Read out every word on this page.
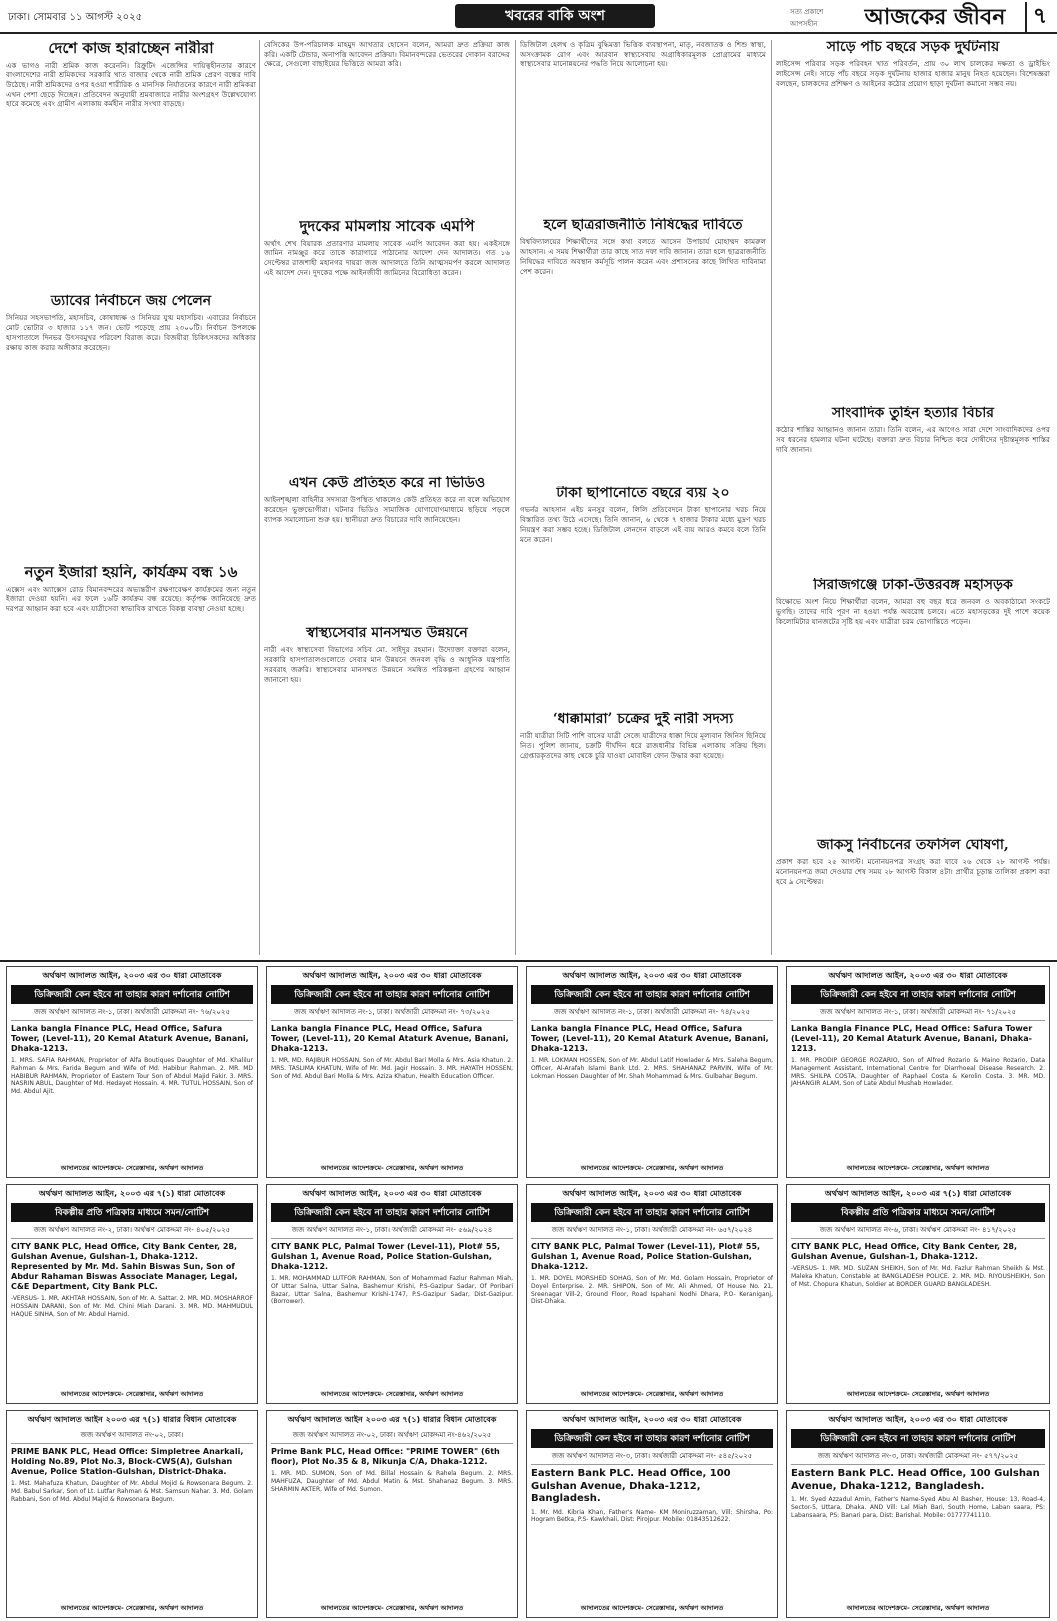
ঢাকা। সোমবার ১১ আগস্ট ২০২৫	খবরের বাকি অংশ	সত্য প্রকাশে আপসহীন	আজকের জীবন	৭
দেশে কাজ হারাচ্ছেন নারীরা

এক ভাগও নারী শ্রমিক কাজ করেননি। রিক্রুটিং এজেন্সির দায়িত্বহীনতার কারণে বাংলাদেশের নারী শ্রমিকদের সরকারি খাত বাজার থেকে নারী শ্রমিক প্রেরণ বন্ধের দাবি উঠেছে। নারী শ্রমিকদের ওপর হওয়া শারীরিক ও মানসিক নির্যাতনের কারণে নারী শ্রমিকরা এখন পেশা ছেড়ে দিচ্ছেন। প্রতিবেদন অনুযায়ী শ্রমবাজারে নারীর অংশগ্রহণ উল্লেখযোগ্য হারে কমেছে এবং গ্রামীণ এলাকায় কর্মহীন নারীর সংখ্যা বাড়ছে।

ড্যাবের নির্বাচনে জয় পেলেন

সিনিয়র সহসভাপতি, মহাসচিব, কোষাধ্যক্ষ ও সিনিয়র যুগ্ম মহাসচিব। এবারের নির্বাচনে মোট ভোটার ৩ হাজার ১১৭ জন। ভোট পড়েছে প্রায় ২৩০০টি। নির্বাচন উপলক্ষে হাসপাতালে দিনভর উৎসবমুখর পরিবেশ বিরাজ করে। বিজয়ীরা চিকিৎসকদের অধিকার রক্ষায় কাজ করার অঙ্গীকার করেছেন।

নতুন ইজারা হয়নি, কার্যক্রম বন্ধ ১৬

এক্সেস এবং অ্যাক্সেস রোড বিমানবন্দরের অভ্যন্তরীণ রক্ষণাবেক্ষণ কার্যক্রমের জন্য নতুন ইজারা দেওয়া হয়নি। এর ফলে ১৬টি কার্যক্রম বন্ধ রয়েছে। কর্তৃপক্ষ জানিয়েছে দ্রুত দরপত্র আহ্বান করা হবে এবং যাত্রীসেবা স্বাভাবিক রাখতে বিকল্প ব্যবস্থা নেওয়া হচ্ছে।

বেসিকের উপ-পরিচালক মাহমুদ আখতার হোসেন বলেন, আমরা দ্রুত প্রক্রিয়া কাজ করি। একটি টেন্ডার, অনাপত্তি আবেদন প্রক্রিয়া। বিমানবন্দরের ভেতরের দোকান বরাদ্দের ক্ষেত্রে, সেগুলো বাছাইয়ের ভিত্তিতে আমরা করি।

দুদকের মামলায় সাবেক এমপি

অর্থাৎ শেখ বিয়ারক প্রতারণার মামলায় সাবেক এমপি আবেদন করা হয়। একইসঙ্গে জামিন নামঞ্জুর করে তাকে কারাগারে পাঠানোর আদেশ দেন আদালত। গত ১৬ সেপ্টেম্বর রাজশাহী মহানগর দায়রা জজ আদালতে তিনি আত্মসমর্পণ করলে আদালত এই আদেশ দেন। দুদকের পক্ষে আইনজীবী জামিনের বিরোধিতা করেন।

এখন কেউ প্রতিহত করে না ভিডিও

আইনশৃঙ্খলা বাহিনীর সদস্যরা উপস্থিত থাকলেও কেউ প্রতিহত করে না বলে অভিযোগ করেছেন ভুক্তভোগীরা। ঘটনার ভিডিও সামাজিক যোগাযোগমাধ্যমে ছড়িয়ে পড়লে ব্যাপক সমালোচনা শুরু হয়। স্থানীয়রা দ্রুত বিচারের দাবি জানিয়েছেন।

স্বাস্থ্যসেবার মানসম্মত উন্নয়নে

নারী এবং স্বাস্থ্যসেবা বিভাগের সচিব মো. সাইদুর রহমান। উদ্যোক্তা বক্তারা বলেন, সরকারি হাসপাতালগুলোতে সেবার মান উন্নয়নে জনবল বৃদ্ধি ও আধুনিক যন্ত্রপাতি সরবরাহ জরুরি। স্বাস্থ্যসেবার মানসম্মত উন্নয়নে সমন্বিত পরিকল্পনা গ্রহণের আহ্বান জানানো হয়।

ডিজিটাল হেলথ ও কৃত্রিম বুদ্ধিমত্তা ভিত্তিক ব্যবস্থাপনা, মাতৃ, নবজাতক ও শিশু স্বাস্থ্য, অসংক্রামক রোগ এবং আরবান স্বাস্থ্যসেবায় অগ্রাধিকারমূলক প্রোগ্রামের মাধ্যমে স্বাস্থ্যসেবার মানোন্নয়নের পদ্ধতি নিয়ে আলোচনা হয়।

হলে ছাত্ররাজনীতি নিষিদ্ধের দাবিতে

বিশ্ববিদ্যালয়ের শিক্ষার্থীদের সঙ্গে কথা বলতে আসেন উপাচার্য মোহাম্মদ কামরুল আহসান। এ সময় শিক্ষার্থীরা তার কাছে সাত দফা দাবি জানান। তারা হলে ছাত্ররাজনীতি নিষিদ্ধের দাবিতে অবস্থান কর্মসূচি পালন করেন এবং প্রশাসনের কাছে লিখিত দাবিনামা পেশ করেন।

টাকা ছাপানোতে বছরে ব্যয় ২০

গভর্নর আহসান এইচ মনসুর বলেন, লিলি প্রতিবেদনে টাকা ছাপানোর খরচ নিয়ে বিস্তারিত তথ্য উঠে এসেছে। তিনি জানান, ৬ থেকে ৭ হাজার টাকার মধ্যে মুদ্রণ খরচ নিয়ন্ত্রণ করা সম্ভব হচ্ছে। ডিজিটাল লেনদেন বাড়লে এই ব্যয় আরও কমবে বলে তিনি মনে করেন।

‘ধাক্কামারা’ চক্রের দুই নারী সদস্য

নারী যাত্রীরা সিটি পাশি বাসের যাত্রী সেজে যাত্রীদের ধাক্কা দিয়ে মূল্যবান জিনিস ছিনিয়ে নিত। পুলিশ জানায়, চক্রটি দীর্ঘদিন ধরে রাজধানীর বিভিন্ন এলাকায় সক্রিয় ছিল। গ্রেপ্তারকৃতদের কাছ থেকে চুরি যাওয়া মোবাইল ফোন উদ্ধার করা হয়েছে।

সাড়ে পাঁচ বছরে সড়ক দুর্ঘটনায়

লাইসেন্স পরিবার সড়ক পরিবহন খাত পরিবর্তন, প্রায় ৩০ লাখ চালকের দক্ষতা ও ড্রাইভিং লাইসেন্স নেই। সাড়ে পাঁচ বছরে সড়ক দুর্ঘটনায় হাজার হাজার মানুষ নিহত হয়েছেন। বিশেষজ্ঞরা বলছেন, চালকদের প্রশিক্ষণ ও আইনের কঠোর প্রয়োগ ছাড়া দুর্ঘটনা কমানো সম্ভব নয়।

সাংবাদিক তুহিন হত্যার বিচার

কঠোর শাস্তির আহ্বানও জানান তারা। তিনি বলেন, এর আগেও সারা দেশে সাংবাদিকদের ওপর সব ধরনের হামলার ঘটনা ঘটেছে। বক্তারা দ্রুত বিচার নিশ্চিত করে দোষীদের দৃষ্টান্তমূলক শাস্তির দাবি জানান।

সিরাজগঞ্জে ঢাকা-উত্তরবঙ্গ মহাসড়ক

বিক্ষোভে অংশ নিয়ে শিক্ষার্থীরা বলেন, আমরা বহু বছর ধরে জনবল ও অবকাঠামো সংকটে ভুগছি। তাদের দাবি পূরণ না হওয়া পর্যন্ত অবরোধ চলবে। এতে মহাসড়কের দুই পাশে কয়েক কিলোমিটার যানজটের সৃষ্টি হয় এবং যাত্রীরা চরম ভোগান্তিতে পড়েন।

জাকসু নির্বাচনের তফসিল ঘোষণা,

প্রকাশ করা হবে ২৫ আগস্ট। মনোনয়নপত্র সংগ্রহ করা যাবে ২৬ থেকে ২৮ আগস্ট পর্যন্ত। মনোনয়নপত্র জমা দেওয়ার শেষ সময় ২৮ আগস্ট বিকাল ৪টা। প্রার্থীর চূড়ান্ত তালিকা প্রকাশ করা হবে ৯ সেপ্টেম্বর।

অর্থঋণ আদালত আইন, ২০০৩ এর ৩০ ধারা মোতাবেক
ডিক্রিজারী কেন হইবে না তাহার কারণ দর্শানোর নোটিশ
জজ অর্থঋণ আদালত নং-১, ঢাকা। অর্থজারী মোকদ্দমা নং- ৭৬/২০২৫
Lanka bangla Finance PLC, Head Office, Safura Tower, (Level-11), 20 Kemal Ataturk Avenue, Banani, Dhaka-1213.
1. MRS. SAFIA RAHMAN, Proprietor of Alfa Boutiques Daughter of Md. Khalilur Rahman & Mrs. Farida Begum and Wife of Md. Habibur Rahman. 2. MR. MD HABIBUR RAHMAN, Proprietor of Eastern Tour Son of Abdul Majid Fakir. 3. MRS. NASRIN ABUL, Daughter of Md. Hedayet Hossain. 4. MR. TUTUL HOSSAIN, Son of Md. Abdul Ajit.
আদালতের আদেশক্রমে- সেরেস্তাদার, অর্থঋণ আদালত
অর্থঋণ আদালত আইন, ২০০৩ এর ৩০ ধারা মোতাবেক
ডিক্রিজারী কেন হইবে না তাহার কারণ দর্শানোর নোটিশ
জজ অর্থঋণ আদালত নং-১, ঢাকা। অর্থজারী মোকদ্দমা নং- ৭৩/২০২৫
Lanka bangla Finance PLC, Head Office, Safura Tower, (Level-11), 20 Kemal Ataturk Avenue, Banani, Dhaka-1213.
1. MR. MD. RAJIBUR HOSSAIN, Son of Mr. Abdul Bari Molla & Mrs. Asia Khatun. 2. MRS. TASLIMA KHATUN, Wife of Mr. Md. Jagir Hossain. 3. MR. HAYATH HOSSEN, Son of Md. Abdul Bari Molla & Mrs. Aziza Khatun, Health Education Officer.
আদালতের আদেশক্রমে- সেরেস্তাদার, অর্থঋণ আদালত
অর্থঋণ আদালত আইন, ২০০৩ এর ৩০ ধারা মোতাবেক
ডিক্রিজারী কেন হইবে না তাহার কারণ দর্শানোর নোটিশ
জজ অর্থঋণ আদালত নং-১, ঢাকা। অর্থজারী মোকদ্দমা নং- ৭৪/২০২৫
Lanka bangla Finance PLC, Head Office, Safura Tower, (Level-11), 20 Kemal Ataturk Avenue, Banani, Dhaka-1213.
1. MR. LOKMAN HOSSEN, Son of Mr. Abdul Latif Howlader & Mrs. Saleha Begum, Officer, Al-Arafah Islami Bank Ltd. 2. MRS. SHAHANAZ PARVIN, Wife of Mr. Lokman Hossen Daughter of Mr. Shah Mohammad & Mrs. Gulbahar Begum.
আদালতের আদেশক্রমে- সেরেস্তাদার, অর্থঋণ আদালত
অর্থঋণ আদালত আইন, ২০০৩ এর ৩০ ধারা মোতাবেক
ডিক্রিজারী কেন হইবে না তাহার কারণ দর্শানোর নোটিশ
জজ অর্থঋণ আদালত নং-১, ঢাকা। অর্থজারী মোকদ্দমা নং- ৭১/২০২৫
Lanka Bangla Finance PLC, Head Office: Safura Tower (Level-11), 20 Kemal Ataturk Avenue, Banani, Dhaka-1213.
1. MR. PRODIP GEORGE ROZARIO, Son of Alfred Rozario & Maino Rozario, Data Management Assistant, International Centre for Diarrhoeal Disease Research. 2. MRS. SHILPA COSTA, Daughter of Raphael Costa & Kerolin Costa. 3. MR. MD. JAHANGIR ALAM, Son of Late Abdul Mushab Howlader.
আদালতের আদেশক্রমে- সেরেস্তাদার, অর্থঋণ আদালত
অর্থঋণ আদালত আইন, ২০০৩ এর ৭(১) ধারা মোতাবেক
বিকল্পীয় প্রতি পত্রিকার মাধ্যমে সমন/নোটিশ
জজ অর্থঋণ আদালত নং-২, ঢাকা। অর্থঋণ মোকদ্দমা নং- ৪০৫/২০২৫
CITY BANK PLC, Head Office, City Bank Center, 28, Gulshan Avenue, Gulshan-1, Dhaka-1212. Represented by Mr. Md. Sahin Biswas Sun, Son of Abdur Rahaman Biswas Associate Manager, Legal, C&E Department, City Bank PLC.
-VERSUS- 1. MR. AKHTAR HOSSAIN, Son of Mr. A. Sattar. 2. MR. MD. MOSHARROF HOSSAIN DARANI, Son of Mr. Md. Chini Miah Darani. 3. MR. MD. MAHMUDUL HAQUE SINHA, Son of Mr. Abdul Hamid.
আদালতের আদেশক্রমে- সেরেস্তাদার, অর্থঋণ আদালত
অর্থঋণ আদালত আইন, ২০০৩ এর ৩০ ধারা মোতাবেক
ডিক্রিজারী কেন হইবে না তাহার কারণ দর্শানোর নোটিশ
জজ অর্থঋণ আদালত নং-১, ঢাকা। অর্থজারী মোকদ্দমা নং- ৫৬৯/২০২৪
CITY BANK PLC, Palmal Tower (Level-11), Plot# 55, Gulshan 1, Avenue Road, Police Station-Gulshan, Dhaka-1212.
1. MR. MOHAMMAD LUTFOR RAHMAN, Son of Mohammad Fazlur Rahman Miah, Of Uttar Salna, Uttar Salna, Bashemur Krishi, P.S-Gazipur Sadar, Of Poribari Bazar, Uttar Salna, Bashemur Krishi-1747, P.S-Gazipur Sadar, Dist-Gazipur. (Borrower).
আদালতের আদেশক্রমে- সেরেস্তাদার, অর্থঋণ আদালত
অর্থঋণ আদালত আইন, ২০০৩ এর ৩০ ধারা মোতাবেক
ডিক্রিজারী কেন হইবে না তাহার কারণ দর্শানোর নোটিশ
জজ অর্থঋণ আদালত নং-১, ঢাকা। অর্থজারী মোকদ্দমা নং- ৬৫৭/২০২৪
CITY BANK PLC, Palmal Tower (Level-11), Plot# 55, Gulshan 1, Avenue Road, Police Station-Gulshan, Dhaka-1212.
1. MR. DOYEL MORSHED SOHAG, Son of Mr. Md. Golam Hossain, Proprietor of Doyel Enterprise. 2. MR. SHIPON, Son of Mr. Ali Ahmed, Of House No. 21, Sreenagar Vill-2, Ground Floor, Road Ispahani Nodhi Dhara, P.O- Keraniganj, Dist-Dhaka.
আদালতের আদেশক্রমে- সেরেস্তাদার, অর্থঋণ আদালত
অর্থঋণ আদালত আইন, ২০০৩ এর ৭(১) ধারা মোতাবেক
বিকল্পীয় প্রতি পত্রিকার মাধ্যমে সমন/নোটিশ
জজ অর্থঋণ আদালত নং-৬, ঢাকা। অর্থঋণ মোকদ্দমা নং- ৪১৭/২০২৫
CITY BANK PLC, Head Office, City Bank Center, 28, Gulshan Avenue, Gulshan-1, Dhaka-1212.
-VERSUS- 1. MR. MD. SUZAN SHEIKH, Son of Mr. Md. Fazlur Rahman Sheikh & Mst. Maleka Khatun, Constable at BANGLADESH POLICE. 2. MR. MD. RIYOUSHEIKH, Son of Mst. Chopura Khatun, Soldier at BORDER GUARD BANGLADESH.
আদালতের আদেশক্রমে- সেরেস্তাদার, অর্থঋণ আদালত
অর্থঋণ আদালত আইন ২০০৩ এর ৭(১) ধারার বিধান মোতাবেক
জজ অর্থঋণ আদালত নং-০২, ঢাকা।
PRIME BANK PLC, Head Office: Simpletree Anarkali, Holding No.89, Plot No.3, Block-CWS(A), Gulshan Avenue, Police Station-Gulshan, District-Dhaka.
1. Mst. Mahafuza Khatun, Daughter of Mr. Abdul Mojid & Rowsonara Begum. 2. Md. Babul Sarkar, Son of Lt. Lutfar Rahman & Mst. Samsun Nahar. 3. Md. Golam Rabbani, Son of Md. Abdul Majid & Rowsonara Begum.
আদালতের আদেশক্রমে- সেরেস্তাদার, অর্থঋণ আদালত
অর্থঋণ আদালত আইন ২০০৩ এর ৭(১) ধারার বিধান মোতাবেক
জজ অর্থঋণ আদালত নং-০২, ঢাকা। অর্থঋণ মোকদ্দমা নং-৪৬২/২০২৫
Prime Bank PLC, Head Office: "PRIME TOWER" (6th floor), Plot No.35 & 8, Nikunja C/A, Dhaka-1212.
1. MR. MD. SUMON, Son of Md. Billal Hossain & Rahela Begum. 2. MRS. MAHFUZA, Daughter of Md. Abdul Matin & Mst. Shahanaz Begum. 3. MRS. SHARMIN AKTER, Wife of Md. Sumon.
আদালতের আদেশক্রমে- সেরেস্তাদার, অর্থঋণ আদালত
অর্থঋণ আদালত আইন, ২০০৩ এর ৩০ ধারা মোতাবেক
ডিক্রিজারী কেন হইবে না তাহার কারণ দর্শানোর নোটিশ
জজ অর্থঋণ আদালত নং-৩, ঢাকা। অর্থজারী মোকদ্দমা নং- ৫৪৫/২০২৫
Eastern Bank PLC. Head Office, 100 Gulshan Avenue, Dhaka-1212, Bangladesh.
1. Mr. Md. Kibria Khan, Father's Name- KM Moniruzzaman, Vill: Shirsha, Po: Hogram Betka, P.S- Kawkhali, Dist: Pirojpur. Mobile: 01843512622.
আদালতের আদেশক্রমে- সেরেস্তাদার, অর্থঋণ আদালত
অর্থঋণ আদালত আইন, ২০০৩ এর ৩০ ধারা মোতাবেক
ডিক্রিজারী কেন হইবে না তাহার কারণ দর্শানোর নোটিশ
জজ অর্থঋণ আদালত নং-৩, ঢাকা। অর্থজারী মোকদ্দমা নং- ৫৭৭/২০২৫
Eastern Bank PLC. Head Office, 100 Gulshan Avenue, Dhaka-1212, Bangladesh.
1. Mr. Syed Azzadul Amin, Father's Name-Syed Abu Al Basher, House: 13, Road-4, Sector-5, Uttara, Dhaka. AND Vill: Lal Miah Bari, South Home, Laban saara, PS: Labansaara, PS: Banari para, Dist: Barishal. Mobile: 01777741110.
আদালতের আদেশক্রমে- সেরেস্তাদার, অর্থঋণ আদালত
